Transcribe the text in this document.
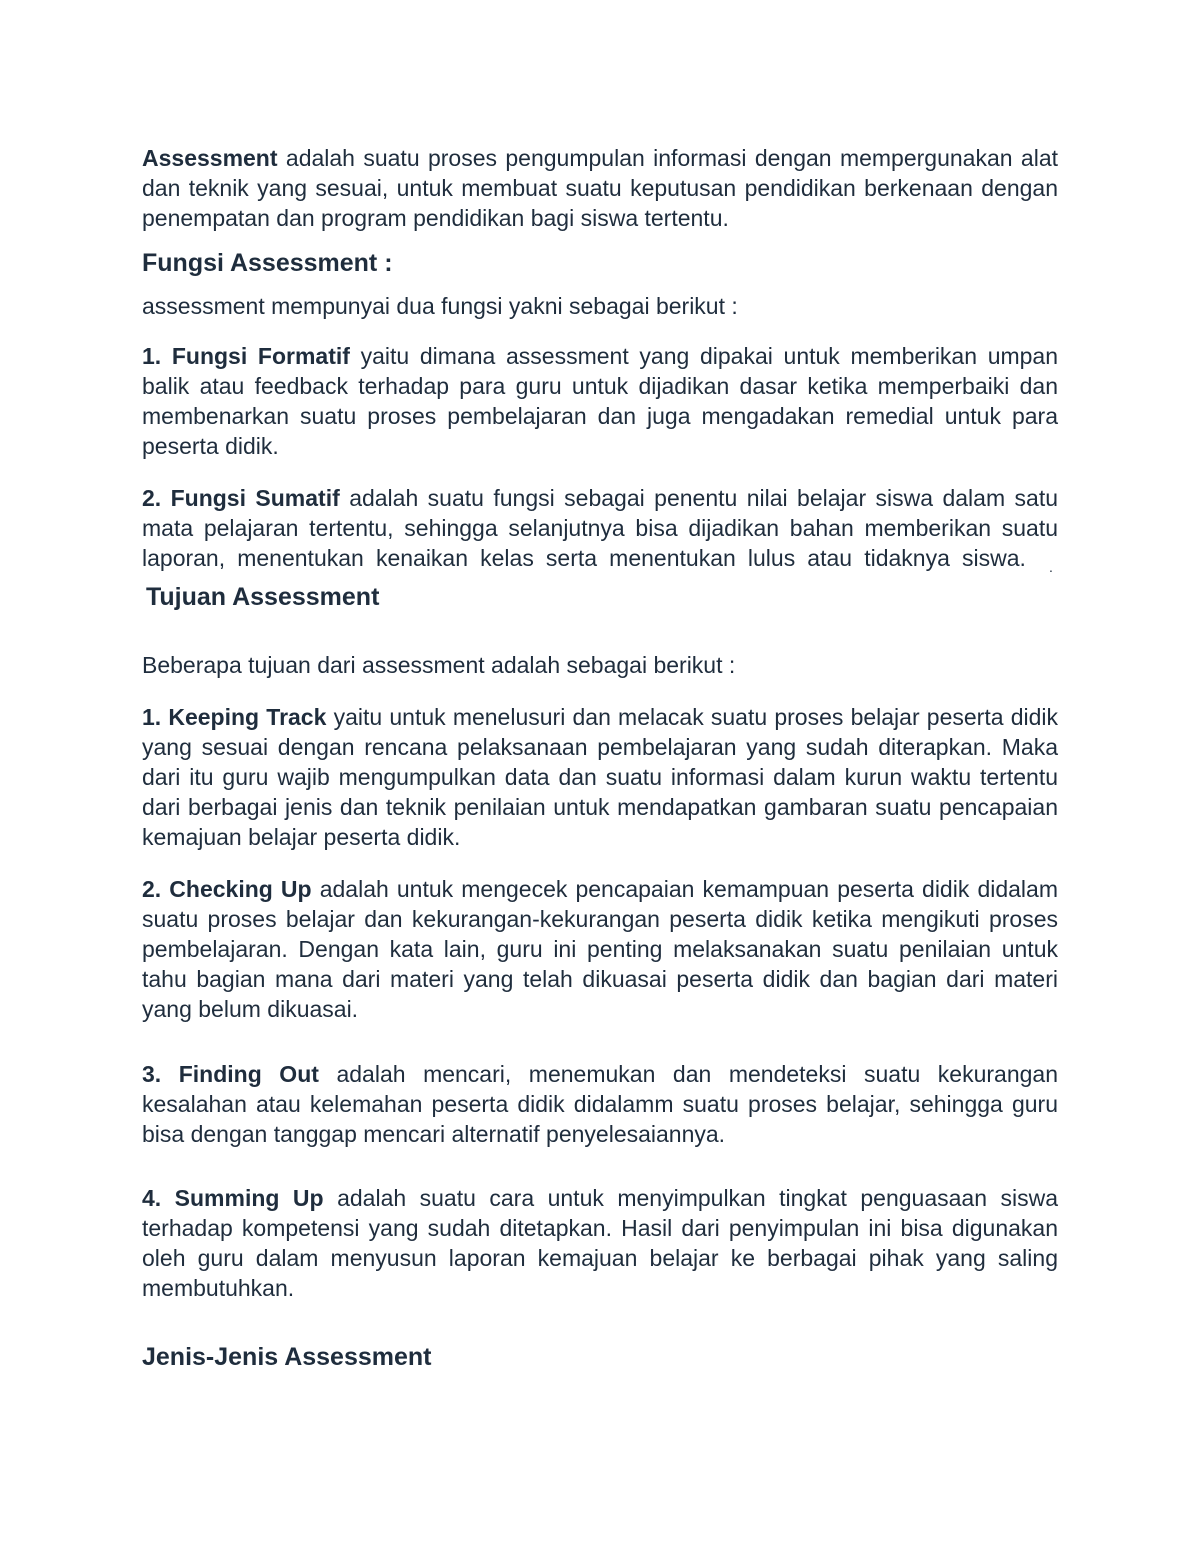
Assessment adalah suatu proses pengumpulan informasi dengan mempergunakan alat dan teknik yang sesuai, untuk membuat suatu keputusan pendidikan berkenaan dengan penempatan dan program pendidikan bagi siswa tertentu.

Fungsi Assessment :

assessment mempunyai dua fungsi yakni sebagai berikut :

1. Fungsi Formatif yaitu dimana assessment yang dipakai untuk memberikan umpan balik atau feedback terhadap para guru untuk dijadikan dasar ketika memperbaiki dan membenarkan suatu proses pembelajaran dan juga mengadakan remedial untuk para peserta didik.

2. Fungsi Sumatif adalah suatu fungsi sebagai penentu nilai belajar siswa dalam satu mata pelajaran tertentu, sehingga selanjutnya bisa dijadikan bahan memberikan suatu laporan, menentukan kenaikan kelas serta menentukan lulus atau tidaknya siswa. . Tujuan Assessment

Beberapa tujuan dari assessment adalah sebagai berikut :

1. Keeping Track yaitu untuk menelusuri dan melacak suatu proses belajar peserta didik yang sesuai dengan rencana pelaksanaan pembelajaran yang sudah diterapkan. Maka dari itu guru wajib mengumpulkan data dan suatu informasi dalam kurun waktu tertentu dari berbagai jenis dan teknik penilaian untuk mendapatkan gambaran suatu pencapaian kemajuan belajar peserta didik.

2. Checking Up adalah untuk mengecek pencapaian kemampuan peserta didik didalam suatu proses belajar dan kekurangan-kekurangan peserta didik ketika mengikuti proses pembelajaran. Dengan kata lain, guru ini penting melaksanakan suatu penilaian untuk tahu bagian mana dari materi yang telah dikuasai peserta didik dan bagian dari materi yang belum dikuasai.

3. Finding Out adalah mencari, menemukan dan mendeteksi suatu kekurangan kesalahan atau kelemahan peserta didik didalamm suatu proses belajar, sehingga guru bisa dengan tanggap mencari alternatif penyelesaiannya.

4. Summing Up adalah suatu cara untuk menyimpulkan tingkat penguasaan siswa terhadap kompetensi yang sudah ditetapkan. Hasil dari penyimpulan ini bisa digunakan oleh guru dalam menyusun laporan kemajuan belajar ke berbagai pihak yang saling membutuhkan.

Jenis-Jenis Assessment
